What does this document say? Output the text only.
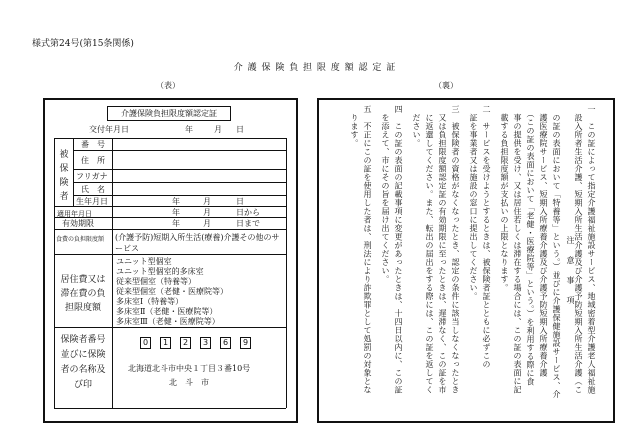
様式第24号(第15条関係)
介 護 保 険 負 担 限 度 額 認 定 証
（表）	（裏）
介護保険負担限度額認定証
交付年月日	年	月 日
被
保
険
者
番　号
住　所
フリガナ
氏　名
生年月日	年	月	日
適用年月日	年	月	日から
有効期限	年	月	日まで
食費の負担限度額 (介護予防)短期入所生活(療養)介護その他のサービス
居住費又は滞在費の負担限度額
ユニット型個室
ユニット型個室的多床室
従来型個室（特養等）
従来型個室（老健・医療院等）
多床室Ⅰ（特養等）
多床室Ⅱ（老健・医療院等）
多床室Ⅲ（老健・医療院等）
保険者番号並びに保険者の名称及び印
0	1	2	3	6	9
北海道北斗市中央１丁目３番10号
北　斗　市
注　意　事　項 一　この証によって指定介護福祉施設サービス、地域密着型介護老人福祉施
　設入所者生活介護、短期入所生活介護及び介護予防短期入所生活介護（こ
　の証の表面において「特養等」という。）並びに介護保健施設サービス、介
　護医療院サービス、短期入所療養介護及び介護予防短期入所療養介護
　（この証の表面において「老健・医療院等」という。）を利用する際に食
　事の提供を受け、又は居住若しくは滞在する場合には、この証の表面に記
　載する負担限度額が支払いの上限となります。
二　サービスを受けようとするときは、被保険者証とともに必ずこの
　証を事業者又は施設の窓口に提出してください。
三　被保険者の資格がなくなったとき、認定の条件に該当しなくなったとき
　又は負担限度額認定証の有効期限に至ったときは、遅滞なく、この証を市
　に返還してください。また、転出の届出をする際には、この証を返してく
　ださい。
四　この証の表面の記載事項に変更があったときは、十四日以内に、この証
　を添えて、市にその旨を届け出てください。
五　不正にこの証を使用した者は、刑法により詐欺罪として処罰の対象とな
　ります。
